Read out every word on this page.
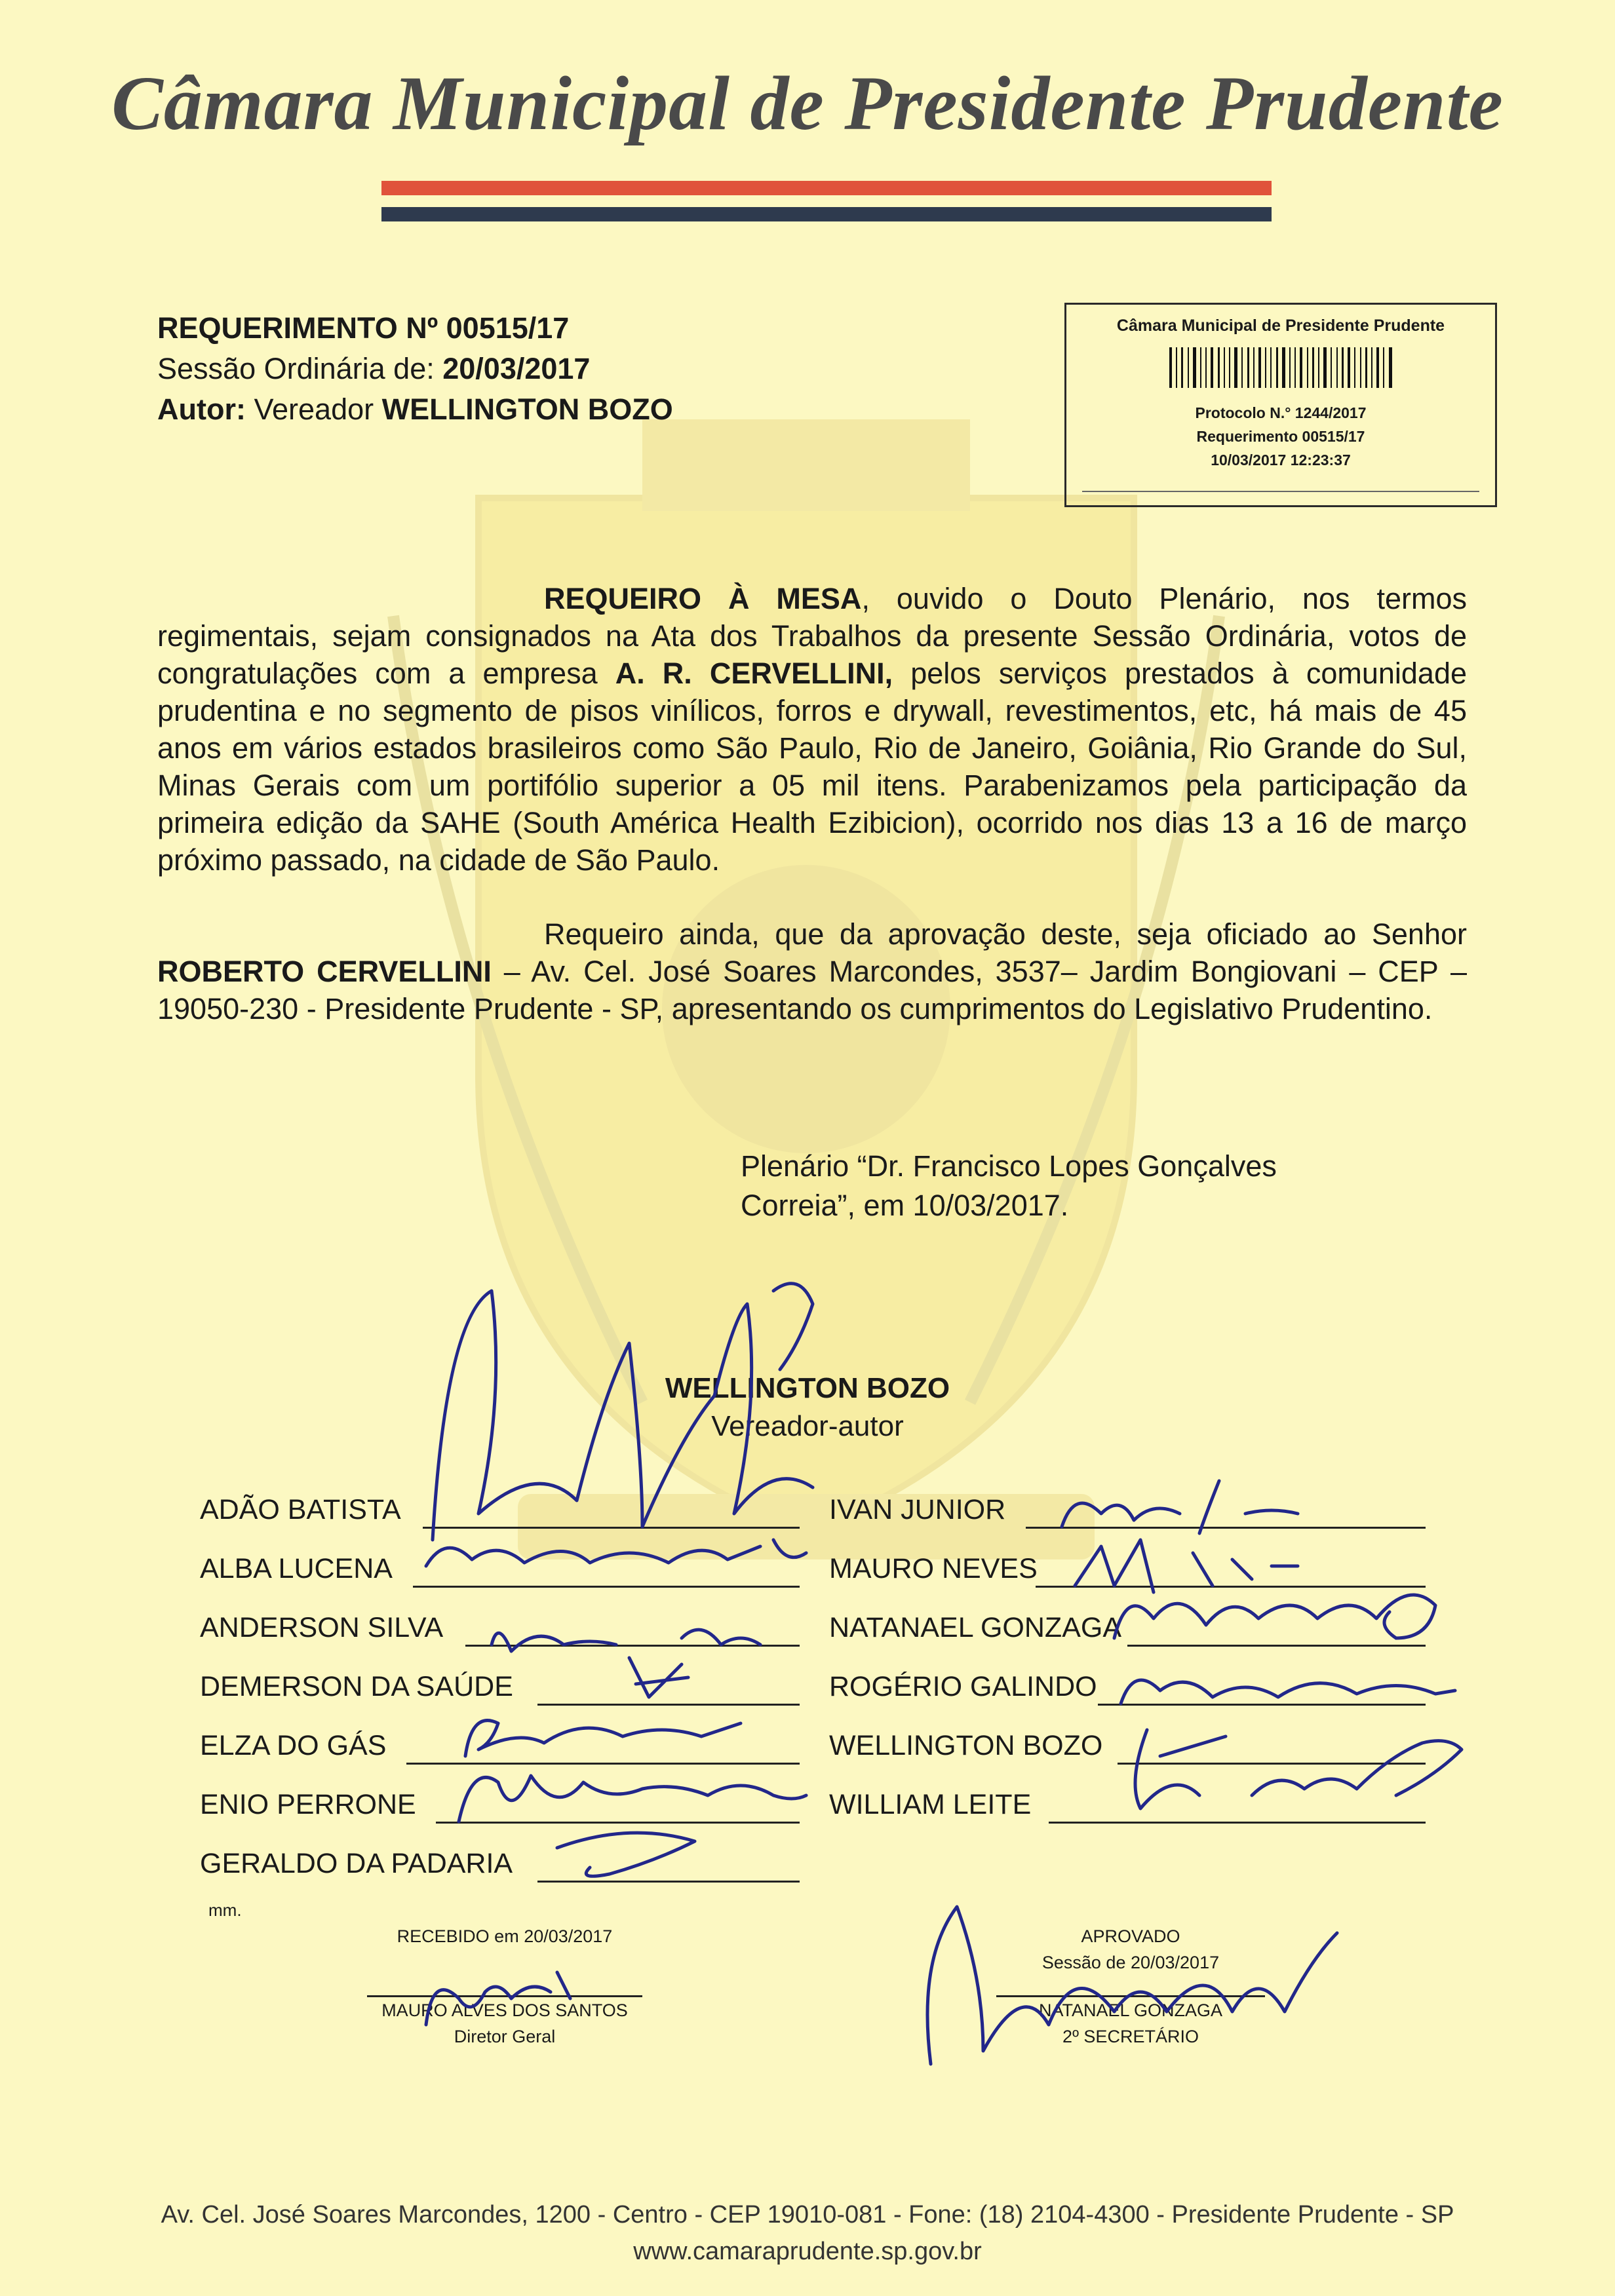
Câmara Municipal de Presidente Prudente
REQUERIMENTO Nº 00515/17
Sessão Ordinária de: 20/03/2017
Autor: Vereador WELLINGTON BOZO
Câmara Municipal de Presidente Prudente
Protocolo N.° 1244/2017
Requerimento 00515/17
10/03/2017 12:23:37

REQUEIRO À MESA, ouvido o Douto Plenário, nos termos regimentais, sejam consignados na Ata dos Trabalhos da presente Sessão Ordinária, votos de congratulações com a empresa A. R. CERVELLINI, pelos serviços prestados à comunidade prudentina e no segmento de pisos vinílicos, forros e drywall, revestimentos, etc, há mais de 45 anos em vários estados brasileiros como São Paulo, Rio de Janeiro, Goiânia, Rio Grande do Sul, Minas Gerais com um portifólio superior a 05 mil itens. Parabenizamos pela participação da primeira edição da SAHE (South América Health Ezibicion), ocorrido nos dias 13 a 16 de março próximo passado, na cidade de São Paulo.

Requeiro ainda, que da aprovação deste, seja oficiado ao Senhor ROBERTO CERVELLINI – Av. Cel. José Soares Marcondes, 3537– Jardim Bongiovani – CEP – 19050-230 - Presidente Prudente - SP, apresentando os cumprimentos do Legislativo Prudentino.

Plenário “Dr. Francisco Lopes Gonçalves
Correia”, em 10/03/2017.
WELLINGTON BOZO
Vereador-autor
ADÃO BATISTA
ALBA LUCENA
ANDERSON SILVA
DEMERSON DA SAÚDE
ELZA DO GÁS
ENIO PERRONE
GERALDO DA PADARIA
IVAN JUNIOR
MAURO NEVES
NATANAEL GONZAGA
ROGÉRIO GALINDO
WELLINGTON BOZO
WILLIAM LEITE
mm.
RECEBIDO em 20/03/2017
MAURO ALVES DOS SANTOS
Diretor Geral
APROVADO
Sessão de 20/03/2017
NATANAEL GONZAGA
2º SECRETÁRIO
Av. Cel. José Soares Marcondes, 1200 - Centro - CEP 19010-081 - Fone: (18) 2104-4300 - Presidente Prudente - SP
www.camaraprudente.sp.gov.br
